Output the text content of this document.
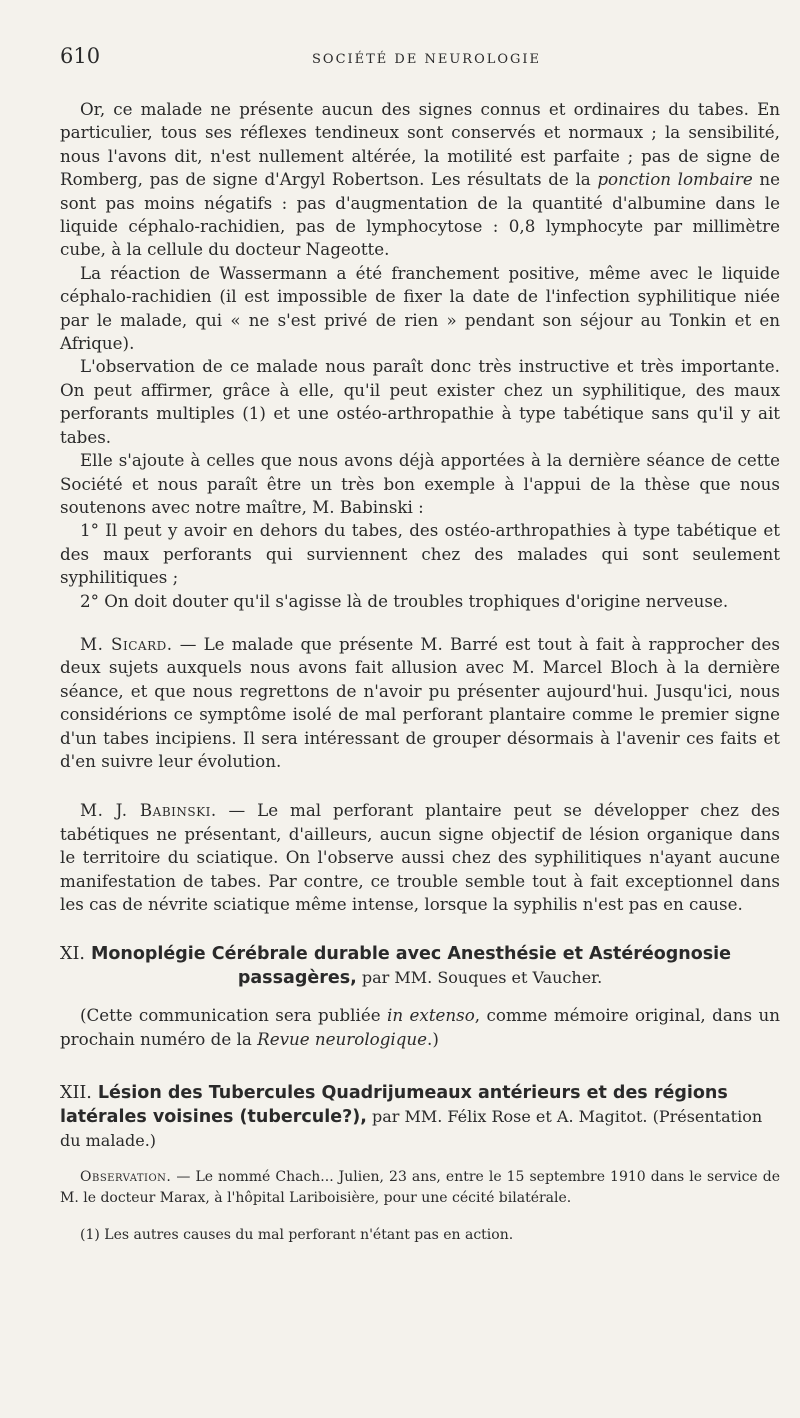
610	SOCIÉTÉ DE NEUROLOGIE

Or, ce malade ne présente aucun des signes connus et ordinaires du tabes. En particulier, tous ses réflexes tendineux sont conservés et normaux ; la sensibilité, nous l'avons dit, n'est nullement altérée, la motilité est parfaite ; pas de signe de Romberg, pas de signe d'Argyl Robertson. Les résultats de la ponction lombaire ne sont pas moins négatifs : pas d'augmentation de la quantité d'albumine dans le liquide céphalo-rachidien, pas de lymphocytose : 0,8 lymphocyte par millimètre cube, à la cellule du docteur Nageotte.

La réaction de Wassermann a été franchement positive, même avec le liquide céphalo-rachidien (il est impossible de fixer la date de l'infection syphilitique niée par le malade, qui « ne s'est privé de rien » pendant son séjour au Tonkin et en Afrique).

L'observation de ce malade nous paraît donc très instructive et très importante. On peut affirmer, grâce à elle, qu'il peut exister chez un syphilitique, des maux perforants multiples (1) et une ostéo-arthropathie à type tabétique sans qu'il y ait tabes.

Elle s'ajoute à celles que nous avons déjà apportées à la dernière séance de cette Société et nous paraît être un très bon exemple à l'appui de la thèse que nous soutenons avec notre maître, M. Babinski :

1° Il peut y avoir en dehors du tabes, des ostéo-arthropathies à type tabétique et des maux perforants qui surviennent chez des malades qui sont seulement syphilitiques ;

2° On doit douter qu'il s'agisse là de troubles trophiques d'origine nerveuse.

M. Sicard. — Le malade que présente M. Barré est tout à fait à rapprocher des deux sujets auxquels nous avons fait allusion avec M. Marcel Bloch à la dernière séance, et que nous regrettons de n'avoir pu présenter aujourd'hui. Jusqu'ici, nous considérions ce symptôme isolé de mal perforant plantaire comme le premier signe d'un tabes incipiens. Il sera intéressant de grouper désormais à l'avenir ces faits et d'en suivre leur évolution.

M. J. Babinski. — Le mal perforant plantaire peut se développer chez des tabétiques ne présentant, d'ailleurs, aucun signe objectif de lésion organique dans le territoire du sciatique. On l'observe aussi chez des syphilitiques n'ayant aucune manifestation de tabes. Par contre, ce trouble semble tout à fait exceptionnel dans les cas de névrite sciatique même intense, lorsque la syphilis n'est pas en cause.

XI. Monoplégie Cérébrale durable avec Anesthésie et Astéréognosie
passagères, par MM. Souques et Vaucher.

(Cette communication sera publiée in extenso, comme mémoire original, dans un prochain numéro de la Revue neurologique.)

XII. Lésion des Tubercules Quadrijumeaux antérieurs et des régions latérales voisines (tubercule?), par MM. Félix Rose et A. Magitot. (Présentation du malade.)

Observation. — Le nommé Chach... Julien, 23 ans, entre le 15 septembre 1910 dans le service de M. le docteur Marax, à l'hôpital Lariboisière, pour une cécité bilatérale.

(1) Les autres causes du mal perforant n'étant pas en action.
